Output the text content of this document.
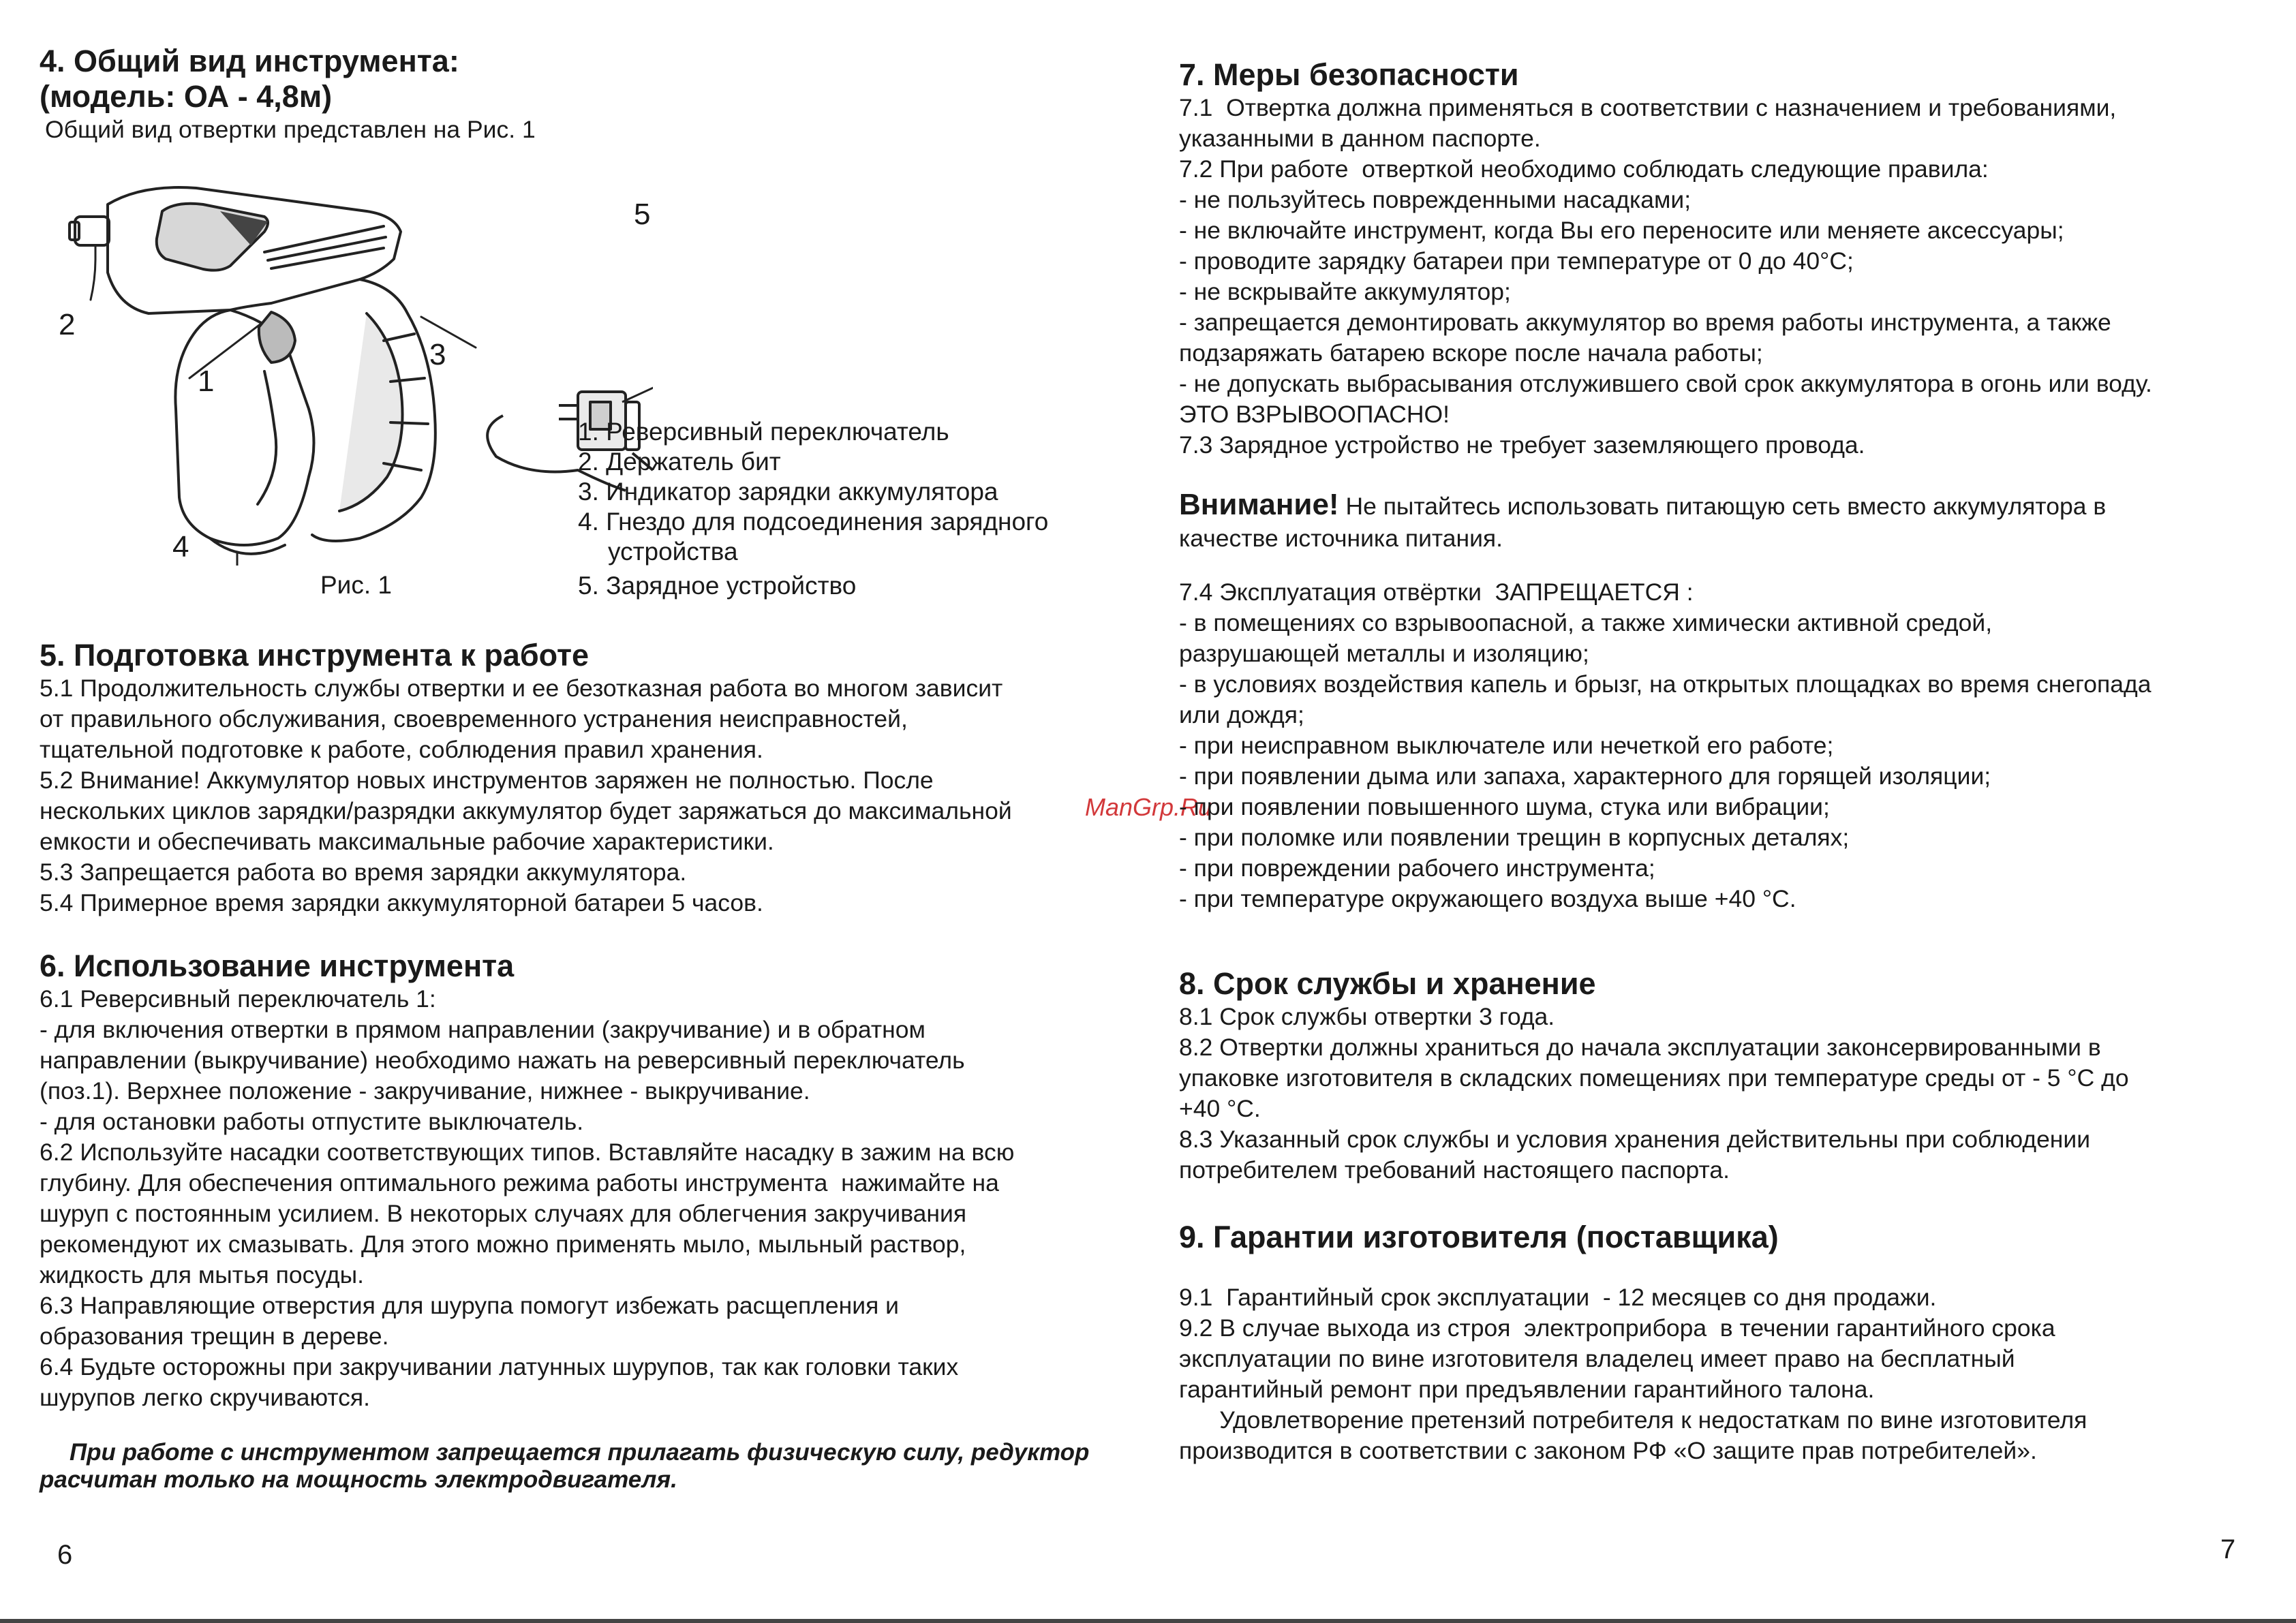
4. Общий вид инструмента:

(модель: ОА - 4,8м)

Общий вид отвертки представлен на Рис. 1

2
1
3
4
5
Рис. 1
1. Реверсивный переключатель
2. Держатель бит
3. Индикатор зарядки аккумулятора
4. Гнездо для подсоединения зарядного
устройства
5. Зарядное устройство

5. Подготовка инструмента к работе

5.1 Продолжительность службы отвертки и ее безотказная работа во многом зависит

от правильного обслуживания, своевременного устранения неисправностей,

тщательной подготовке к работе, соблюдения правил хранения.

5.2 Внимание! Аккумулятор новых инструментов заряжен не полностью. После

нескольких циклов зарядки/разрядки аккумулятор будет заряжаться до максимальной

емкости и обеспечивать максимальные рабочие характеристики.

5.3 Запрещается работа во время зарядки аккумулятора.

5.4 Примерное время зарядки аккумуляторной батареи 5 часов.

6. Использование инструмента

6.1 Реверсивный переключатель 1:

- для включения отвертки в прямом направлении (закручивание) и в обратном

направлении (выкручивание) необходимо нажать на реверсивный переключатель

(поз.1). Верхнее положение - закручивание, нижнее - выкручивание.

- для остановки работы отпустите выключатель.

6.2 Используйте насадки соответствующих типов. Вставляйте насадку в зажим на всю

глубину. Для обеспечения оптимального режима работы инструмента  нажимайте на

шуруп с постоянным усилием. В некоторых случаях для облегчения закручивания

рекомендуют их смазывать. Для этого можно применять мыло, мыльный раствор,

жидкость для мытья посуды.

6.3 Направляющие отверстия для шурупа помогут избежать расщепления и

образования трещин в дереве.

6.4 Будьте осторожны при закручивании латунных шурупов, так как головки таких

шурупов легко скручиваются.

При работе с инструментом запрещается прилагать физическую силу, редуктор

расчитан только на мощность электродвигателя.

6
ManGrp.Ru

7. Меры безопасности

7.1  Отвертка должна применяться в соответствии с назначением и требованиями,

указанными в данном паспорте.

7.2 При работе  отверткой необходимо соблюдать следующие правила:

- не пользуйтесь поврежденными насадками;

- не включайте инструмент, когда Вы его переносите или меняете аксессуары;

- проводите зарядку батареи при температуре от 0 до 40°С;

- не вскрывайте аккумулятор;

- запрещается демонтировать аккумулятор во время работы инструмента, а также

подзаряжать батарею вскоре после начала работы;

- не допускать выбрасывания отслужившего свой срок аккумулятора в огонь или воду.

ЭТО ВЗРЫВООПАСНО!

7.3 Зарядное устройство не требует заземляющего провода.

Внимание! Не пытайтесь использовать питающую сеть вместо аккумулятора в

качестве источника питания.

7.4 Эксплуатация отвёртки  ЗАПРЕЩАЕТСЯ :

- в помещениях со взрывоопасной, а также химически активной средой,

разрушающей металлы и изоляцию;

- в условиях воздействия капель и брызг, на открытых площадках во время снегопада

или дождя;

- при неисправном выключателе или нечеткой его работе;

- при появлении дыма или запаха, характерного для горящей изоляции;

- при появлении повышенного шума, стука или вибрации;

- при поломке или появлении трещин в корпусных деталях;

- при повреждении рабочего инструмента;

- при температуре окружающего воздуха выше +40 °С.

8. Срок службы и хранение

8.1 Срок службы отвертки 3 года.

8.2 Отвертки должны храниться до начала эксплуатации законсервированными в

упаковке изготовителя в складских помещениях при температуре среды от - 5 °С до

+40 °С.

8.3 Указанный срок службы и условия хранения действительны при соблюдении

потребителем требований настоящего паспорта.

9. Гарантии изготовителя (поставщика)

9.1  Гарантийный срок эксплуатации  - 12 месяцев со дня продажи.

9.2 В случае выхода из строя  электроприбора  в течении гарантийного срока

эксплуатации по вине изготовителя владелец имеет право на бесплатный

гарантийный ремонт при предъявлении гарантийного талона.

Удовлетворение претензий потребителя к недостаткам по вине изготовителя

производится в соответствии с законом РФ «О защите прав потребителей».

7
